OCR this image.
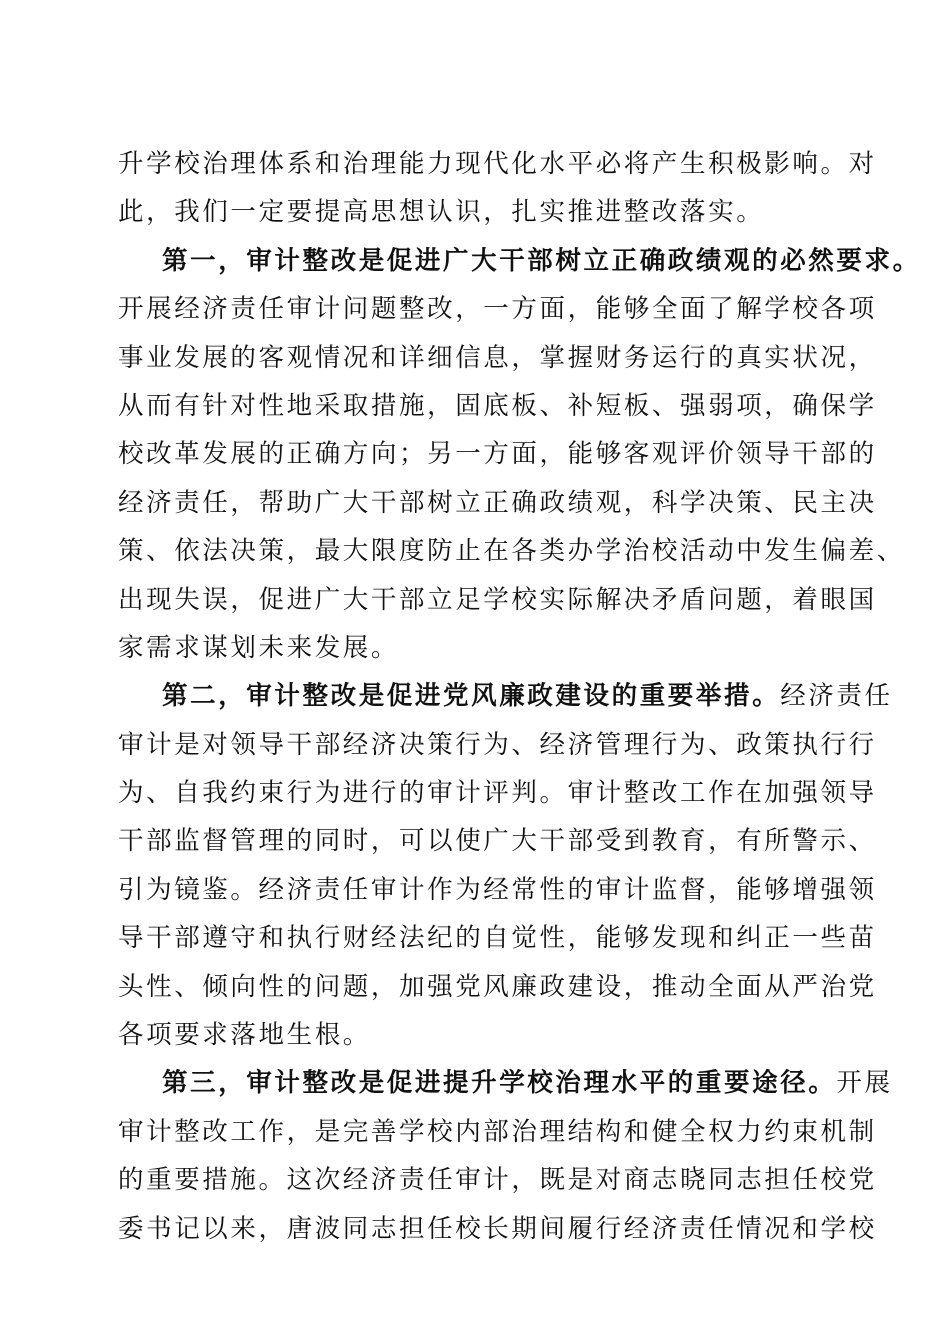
升学校治理体系和治理能力现代化水平必将产生积极影响。对
此，我们一定要提高思想认识，扎实推进整改落实。
第一，审计整改是促进广大干部树立正确政绩观的必然要求。
开展经济责任审计问题整改，一方面，能够全面了解学校各项
事业发展的客观情况和详细信息，掌握财务运行的真实状况，
从而有针对性地采取措施，固底板、补短板、强弱项，确保学
校改革发展的正确方向；另一方面，能够客观评价领导干部的
经济责任，帮助广大干部树立正确政绩观，科学决策、民主决
策、依法决策，最大限度防止在各类办学治校活动中发生偏差、
出现失误，促进广大干部立足学校实际解决矛盾问题，着眼国
家需求谋划未来发展。
第二，审计整改是促进党风廉政建设的重要举措。经济责任
审计是对领导干部经济决策行为、经济管理行为、政策执行行
为、自我约束行为进行的审计评判。审计整改工作在加强领导
干部监督管理的同时，可以使广大干部受到教育，有所警示、
引为镜鉴。经济责任审计作为经常性的审计监督，能够增强领
导干部遵守和执行财经法纪的自觉性，能够发现和纠正一些苗
头性、倾向性的问题，加强党风廉政建设，推动全面从严治党
各项要求落地生根。
第三，审计整改是促进提升学校治理水平的重要途径。开展
审计整改工作，是完善学校内部治理结构和健全权力约束机制
的重要措施。这次经济责任审计，既是对商志晓同志担任校党
委书记以来，唐波同志担任校长期间履行经济责任情况和学校
